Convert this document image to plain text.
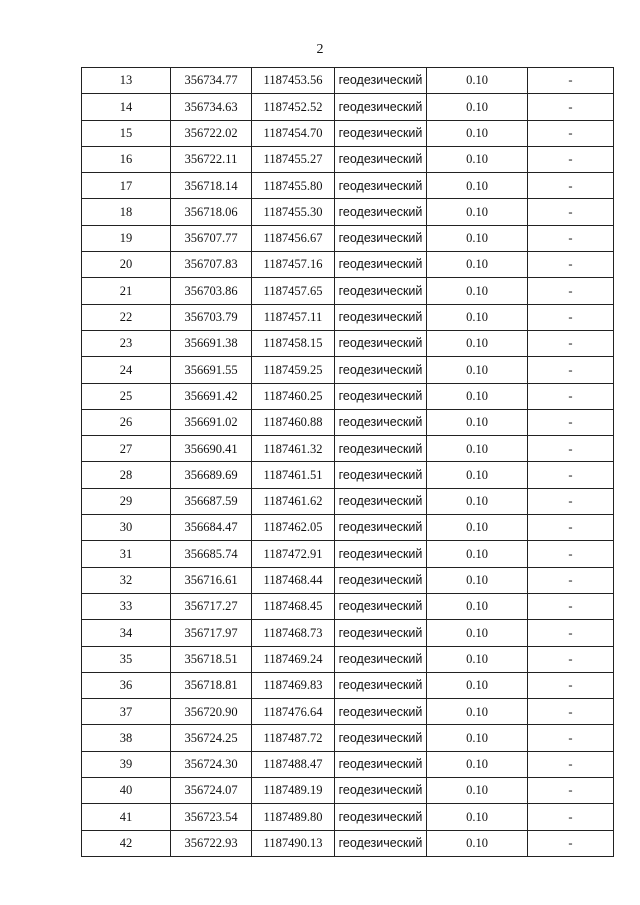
2
13	356734.77	1187453.56	геодезический	0.10	-
14	356734.63	1187452.52	геодезический	0.10	-
15	356722.02	1187454.70	геодезический	0.10	-
16	356722.11	1187455.27	геодезический	0.10	-
17	356718.14	1187455.80	геодезический	0.10	-
18	356718.06	1187455.30	геодезический	0.10	-
19	356707.77	1187456.67	геодезический	0.10	-
20	356707.83	1187457.16	геодезический	0.10	-
21	356703.86	1187457.65	геодезический	0.10	-
22	356703.79	1187457.11	геодезический	0.10	-
23	356691.38	1187458.15	геодезический	0.10	-
24	356691.55	1187459.25	геодезический	0.10	-
25	356691.42	1187460.25	геодезический	0.10	-
26	356691.02	1187460.88	геодезический	0.10	-
27	356690.41	1187461.32	геодезический	0.10	-
28	356689.69	1187461.51	геодезический	0.10	-
29	356687.59	1187461.62	геодезический	0.10	-
30	356684.47	1187462.05	геодезический	0.10	-
31	356685.74	1187472.91	геодезический	0.10	-
32	356716.61	1187468.44	геодезический	0.10	-
33	356717.27	1187468.45	геодезический	0.10	-
34	356717.97	1187468.73	геодезический	0.10	-
35	356718.51	1187469.24	геодезический	0.10	-
36	356718.81	1187469.83	геодезический	0.10	-
37	356720.90	1187476.64	геодезический	0.10	-
38	356724.25	1187487.72	геодезический	0.10	-
39	356724.30	1187488.47	геодезический	0.10	-
40	356724.07	1187489.19	геодезический	0.10	-
41	356723.54	1187489.80	геодезический	0.10	-
42	356722.93	1187490.13	геодезический	0.10	-
